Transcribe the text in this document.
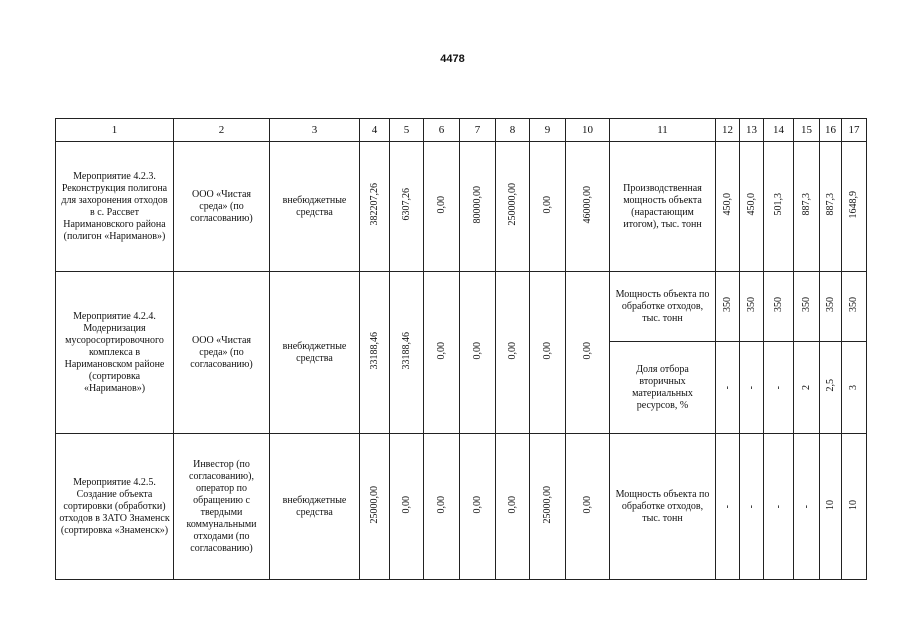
4478
1	2	3	4	5	6	7	8	9	10	11	12	13	14	15	16	17

Мероприятие 4.2.3. Реконструкция полигона для захоронения отходов в с. Рассвет Наримановского района (полигон «Нариманов»)	ООО «Чистая среда» (по согласованию)	внебюджетные средства	382207,26	6307,26	0,00	80000,00	250000,00	0,00	46000,00	Производственная мощность объекта (нарастающим итогом), тыс. тонн	450,0	450,0	501,3	887,3	887,3	1648,9

Мероприятие 4.2.4. Модернизация мусоросортировочного комплекса в Наримановском районе (сортировка «Нариманов»)	ООО «Чистая среда» (по согласованию)	внебюджетные средства	33188,46	33188,46	0,00	0,00	0,00	0,00	0,00	Мощность объекта по обработке отходов, тыс. тонн	350	350	350	350	350	350

										Доля отбора вторичных материальных ресурсов, %	-	-	-	2	2,5	3

Мероприятие 4.2.5. Создание объекта сортировки (обработки) отходов в ЗАТО Знаменск (сортировка «Знаменск»)	Инвестор (по согласованию), оператор по обращению с твердыми коммунальными отходами (по согласованию)	внебюджетные средства	25000,00	0,00	0,00	0,00	0,00	25000,00	0,00	Мощность объекта по обработке отходов, тыс. тонн	-	-	-	-	10	10
